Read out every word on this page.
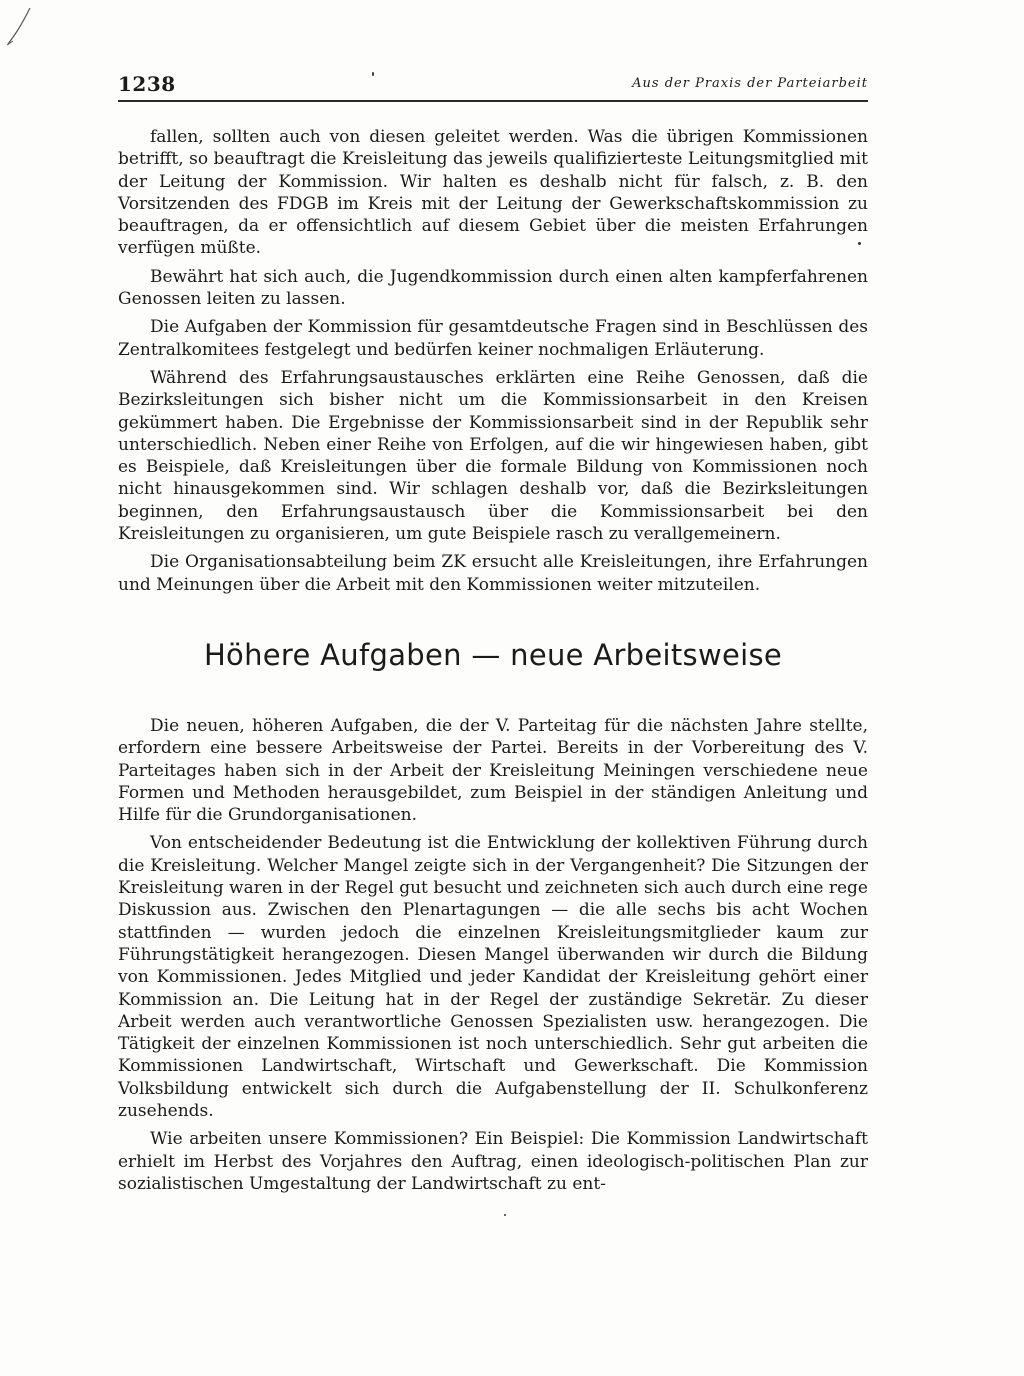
1238	Aus der Praxis der Parteiarbeit

fallen, sollten auch von diesen geleitet werden. Was die übrigen Kommissionen betrifft, so beauftragt die Kreisleitung das jeweils qualifizierteste Leitungsmitglied mit der Leitung der Kommission. Wir halten es deshalb nicht für falsch, z. B. den Vorsitzenden des FDGB im Kreis mit der Leitung der Gewerkschaftskommission zu beauftragen, da er offensichtlich auf diesem Gebiet über die meisten Erfahrungen verfügen müßte.

Bewährt hat sich auch, die Jugendkommission durch einen alten kampferfahrenen Genossen leiten zu lassen.

Die Aufgaben der Kommission für gesamtdeutsche Fragen sind in Beschlüssen des Zentralkomitees festgelegt und bedürfen keiner nochmaligen Erläuterung.

Während des Erfahrungsaustausches erklärten eine Reihe Genossen, daß die Bezirksleitungen sich bisher nicht um die Kommissionsarbeit in den Kreisen gekümmert haben. Die Ergebnisse der Kommissionsarbeit sind in der Republik sehr unterschiedlich. Neben einer Reihe von Erfolgen, auf die wir hingewiesen haben, gibt es Beispiele, daß Kreisleitungen über die formale Bildung von Kommissionen noch nicht hinausgekommen sind. Wir schlagen deshalb vor, daß die Bezirksleitungen beginnen, den Erfahrungsaustausch über die Kommissionsarbeit bei den Kreisleitungen zu organisieren, um gute Beispiele rasch zu verallgemeinern.

Die Organisationsabteilung beim ZK ersucht alle Kreisleitungen, ihre Erfahrungen und Meinungen über die Arbeit mit den Kommissionen weiter mitzuteilen.

Höhere Aufgaben — neue Arbeitsweise

Die neuen, höheren Aufgaben, die der V. Parteitag für die nächsten Jahre stellte, erfordern eine bessere Arbeitsweise der Partei. Bereits in der Vorbereitung des V. Parteitages haben sich in der Arbeit der Kreisleitung Meiningen verschiedene neue Formen und Methoden herausgebildet, zum Beispiel in der ständigen Anleitung und Hilfe für die Grundorganisationen.

Von entscheidender Bedeutung ist die Entwicklung der kollektiven Führung durch die Kreisleitung. Welcher Mangel zeigte sich in der Vergangenheit? Die Sitzungen der Kreisleitung waren in der Regel gut besucht und zeichneten sich auch durch eine rege Diskussion aus. Zwischen den Plenartagungen — die alle sechs bis acht Wochen stattfinden — wurden jedoch die einzelnen Kreisleitungsmitglieder kaum zur Führungstätigkeit herangezogen. Diesen Mangel überwanden wir durch die Bildung von Kommissionen. Jedes Mitglied und jeder Kandidat der Kreisleitung gehört einer Kommission an. Die Leitung hat in der Regel der zuständige Sekretär. Zu dieser Arbeit werden auch verantwortliche Genossen Spezialisten usw. herangezogen. Die Tätigkeit der einzelnen Kommissionen ist noch unterschiedlich. Sehr gut arbeiten die Kommissionen Landwirtschaft, Wirtschaft und Gewerkschaft. Die Kommission Volksbildung entwickelt sich durch die Aufgabenstellung der II. Schulkonferenz zusehends.

Wie arbeiten unsere Kommissionen? Ein Beispiel: Die Kommission Landwirtschaft erhielt im Herbst des Vorjahres den Auftrag, einen ideologisch-politischen Plan zur sozialistischen Umgestaltung der Landwirtschaft zu ent-
